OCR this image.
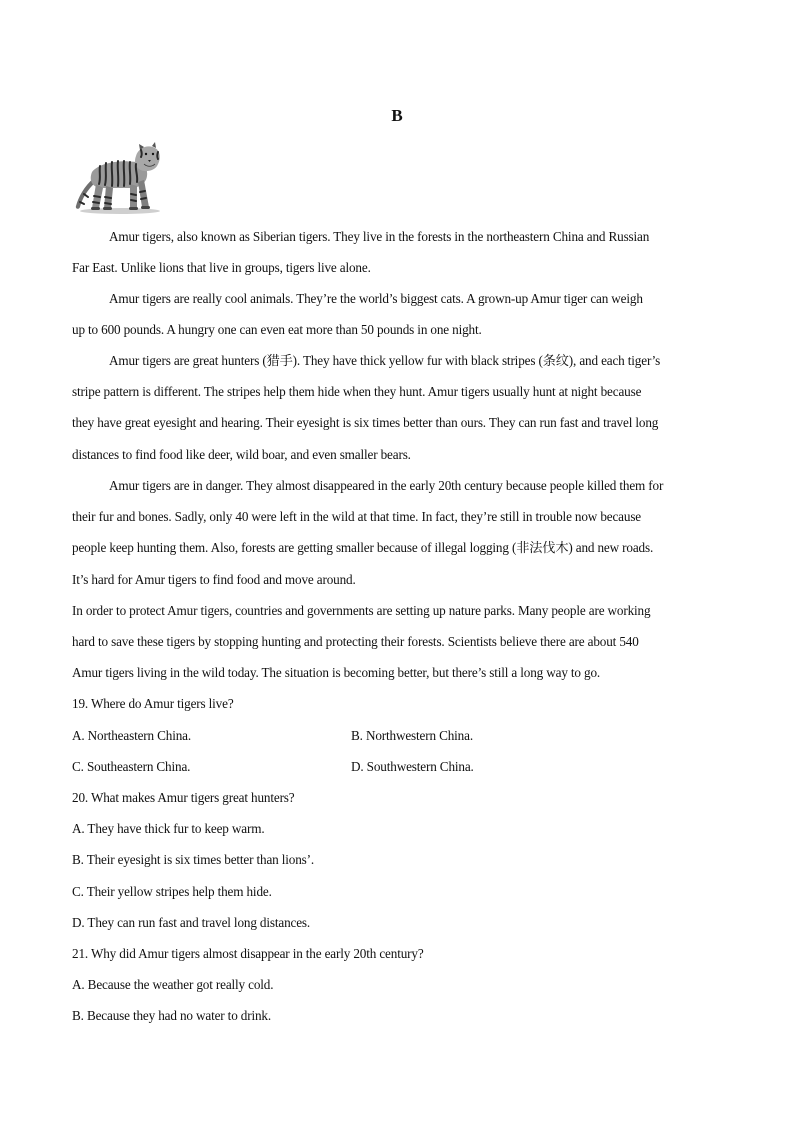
B
Amur tigers, also known as Siberian tigers. They live in the forests in the northeastern China and Russian
Far East. Unlike lions that live in groups, tigers live alone.
Amur tigers are really cool animals. They’re the world’s biggest cats. A grown-up Amur tiger can weigh
up to 600 pounds. A hungry one can even eat more than 50 pounds in one night.
Amur tigers are great hunters (猎手). They have thick yellow fur with black stripes (条纹), and each tiger’s
stripe pattern is different. The stripes help them hide when they hunt. Amur tigers usually hunt at night because
they have great eyesight and hearing. Their eyesight is six times better than ours. They can run fast and travel long
distances to find food like deer, wild boar, and even smaller bears.
Amur tigers are in danger. They almost disappeared in the early 20th century because people killed them for
their fur and bones. Sadly, only 40 were left in the wild at that time. In fact, they’re still in trouble now because
people keep hunting them. Also, forests are getting smaller because of illegal logging (非法伐木) and new roads.
It’s hard for Amur tigers to find food and move around.
In order to protect Amur tigers, countries and governments are setting up nature parks. Many people are working
hard to save these tigers by stopping hunting and protecting their forests. Scientists believe there are about 540
Amur tigers living in the wild today. The situation is becoming better, but there’s still a long way to go.
19. Where do Amur tigers live?
A. Northeastern China.	B. Northwestern China.
C. Southeastern China.	D. Southwestern China.
20. What makes Amur tigers great hunters?
A. They have thick fur to keep warm.
B. Their eyesight is six times better than lions’.
C. Their yellow stripes help them hide.
D. They can run fast and travel long distances.
21. Why did Amur tigers almost disappear in the early 20th century?
A. Because the weather got really cold.
B. Because they had no water to drink.
